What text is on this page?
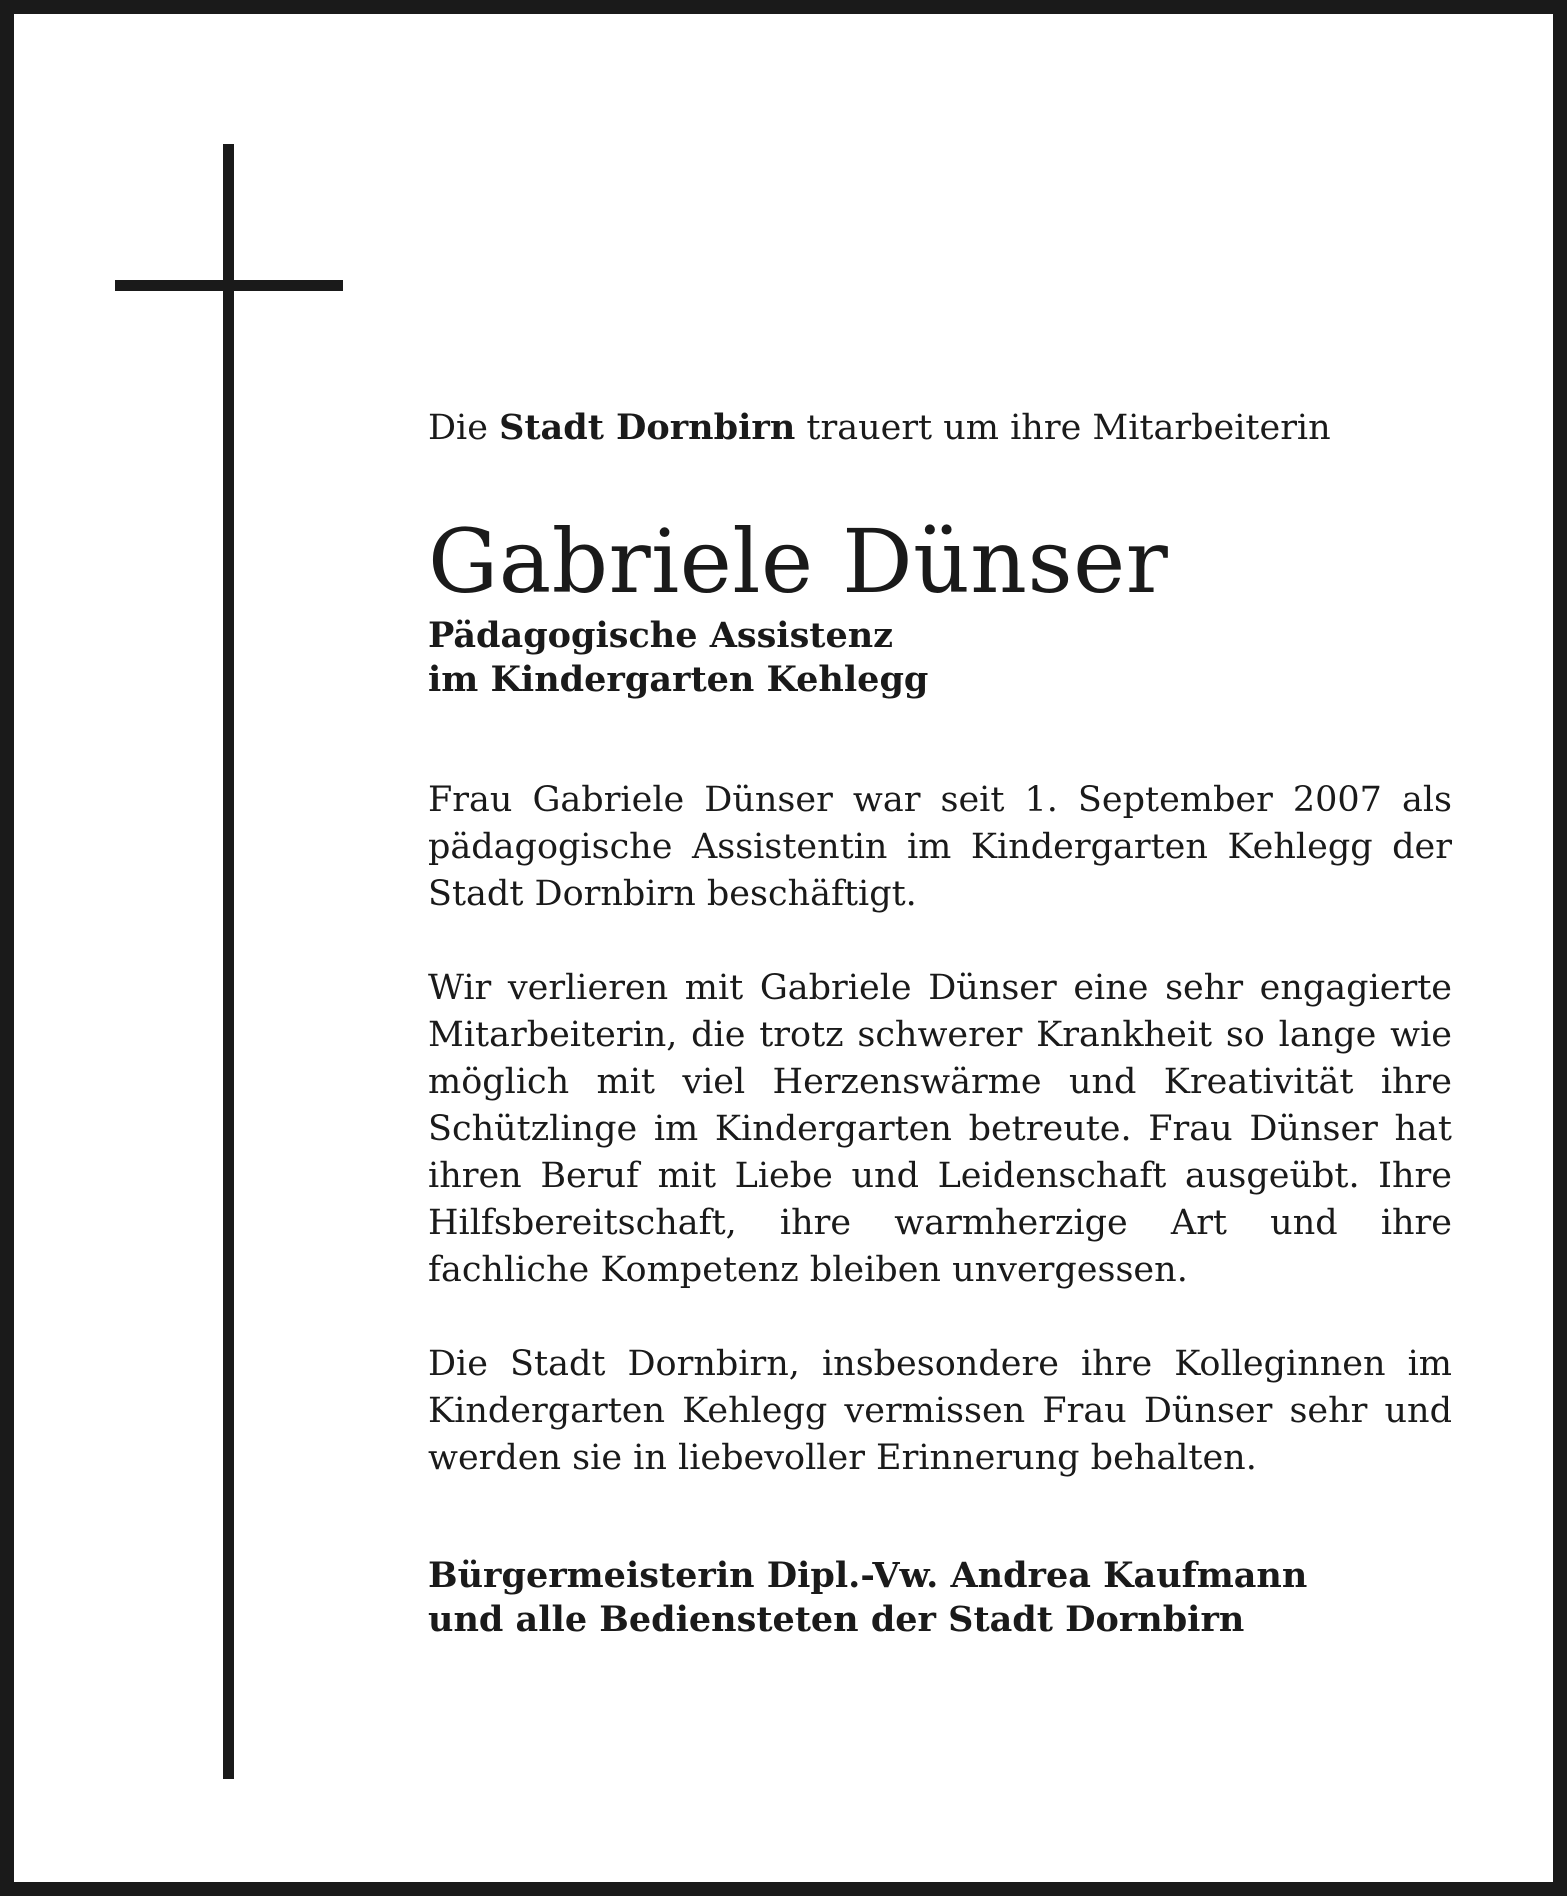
Die Stadt Dornbirn trauert um ihre Mitarbeiterin

Gabriele Dünser
Pädagogische Assistenz
im Kindergarten Kehlegg

Frau Gabriele Dünser war seit 1. September 2007 als pädagogische Assistentin im Kindergarten Kehlegg der Stadt Dornbirn beschäftigt.

Wir verlieren mit Gabriele Dünser eine sehr engagierte Mitarbeiterin, die trotz schwerer Krankheit so lange wie möglich mit viel Herzenswärme und Kreativität ihre Schützlinge im Kindergarten betreute. Frau Dünser hat ihren Beruf mit Liebe und Leidenschaft ausgeübt. Ihre Hilfsbereitschaft, ihre warmherzige Art und ihre fachliche Kompetenz bleiben unvergessen.

Die Stadt Dornbirn, insbesondere ihre Kolleginnen im Kindergarten Kehlegg vermissen Frau Dünser sehr und werden sie in liebevoller Erinnerung behalten.

Bürgermeisterin Dipl.-Vw. Andrea Kaufmann
und alle Bediensteten der Stadt Dornbirn
